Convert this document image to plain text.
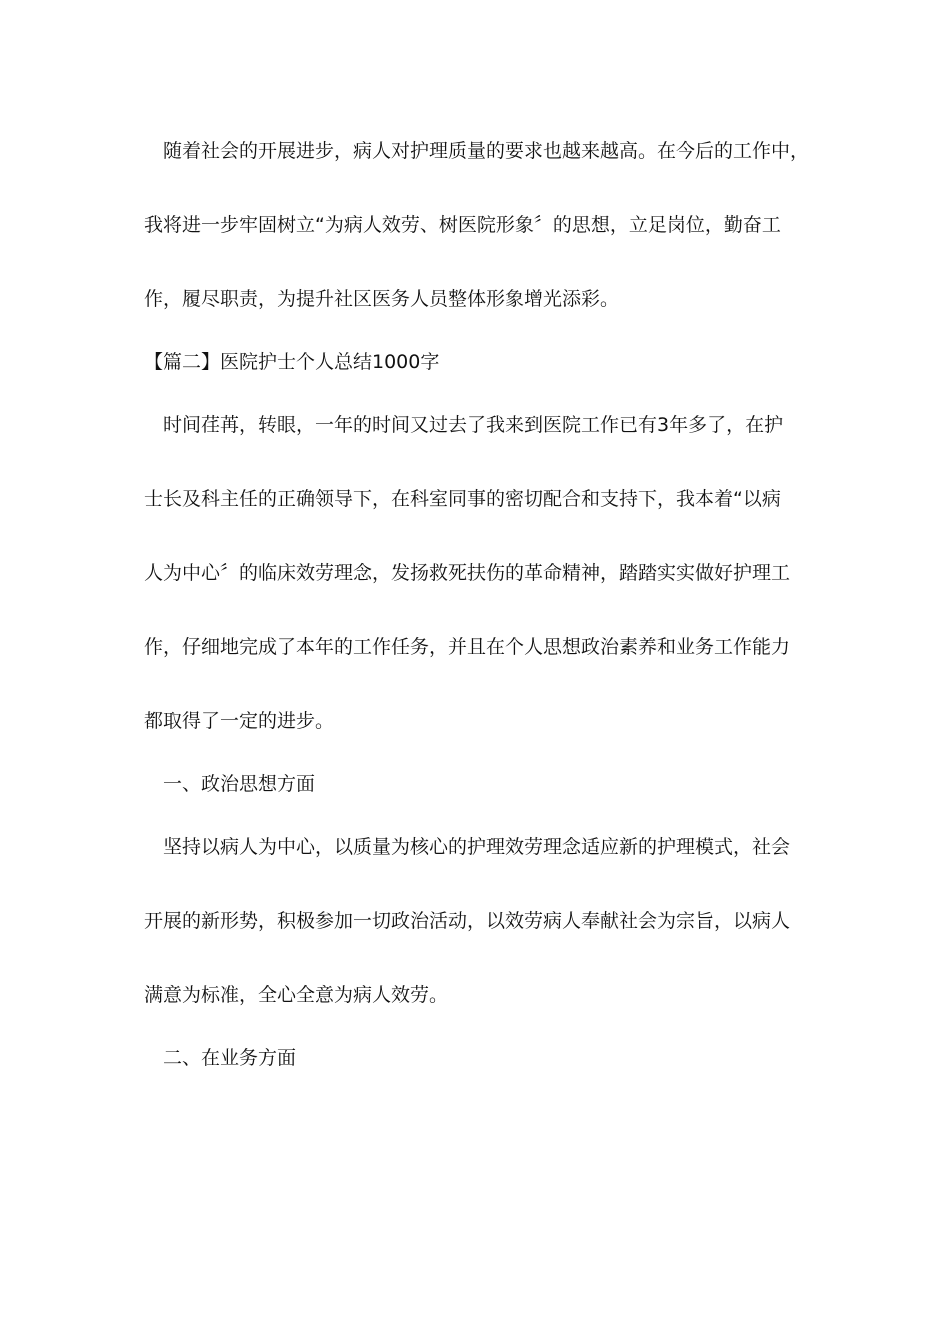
随着社会的开展进步，病人对护理质量的要求也越来越高。在今后的工作中，
我将进一步牢固树立“为病人效劳、树医院形象〞的思想，立足岗位，勤奋工
作，履尽职责，为提升社区医务人员整体形象增光添彩。
【篇二】医院护士个人总结1000字
时间荏苒，转眼，一年的时间又过去了我来到医院工作已有3年多了，在护
士长及科主任的正确领导下，在科室同事的密切配合和支持下，我本着“以病
人为中心〞的临床效劳理念，发扬救死扶伤的革命精神，踏踏实实做好护理工
作，仔细地完成了本年的工作任务，并且在个人思想政治素养和业务工作能力
都取得了一定的进步。
一、政治思想方面
坚持以病人为中心，以质量为核心的护理效劳理念适应新的护理模式，社会
开展的新形势，积极参加一切政治活动，以效劳病人奉献社会为宗旨，以病人
满意为标准，全心全意为病人效劳。
二、在业务方面
